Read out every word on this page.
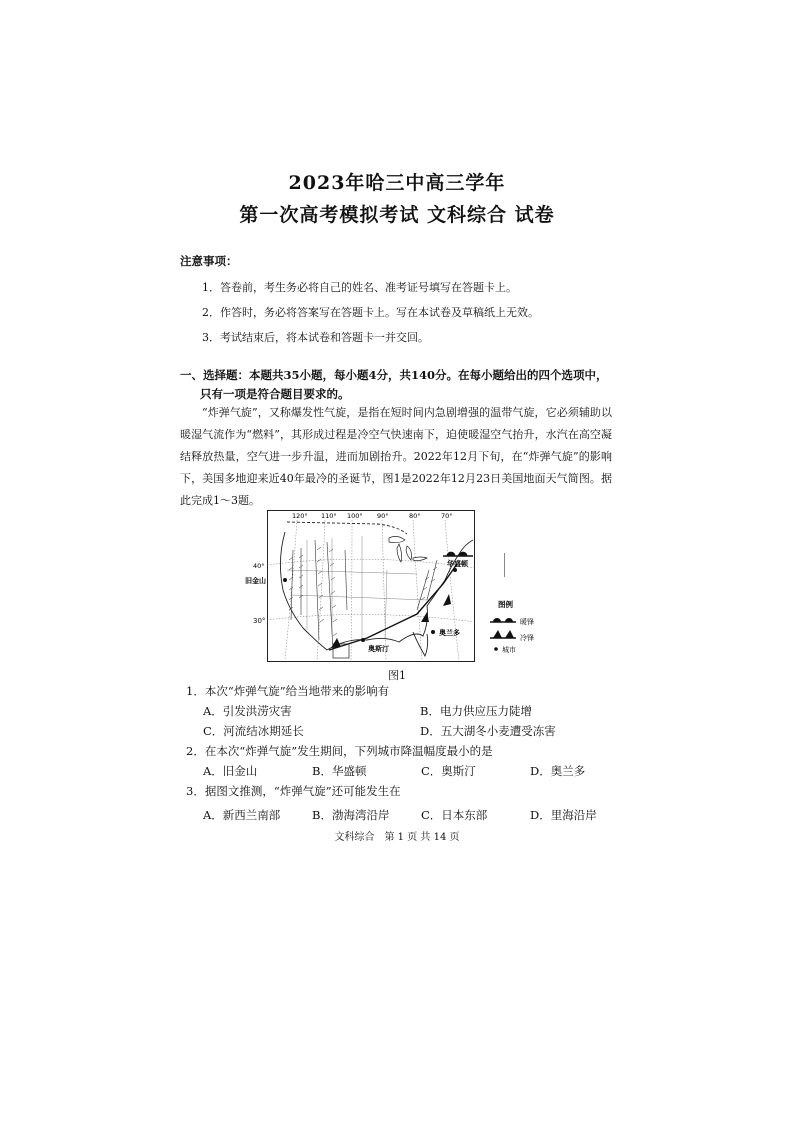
2023年哈三中高三学年
第一次高考模拟考试 文科综合 试卷
注意事项：
1．答卷前，考生务必将自己的姓名、准考证号填写在答题卡上。
2．作答时，务必将答案写在答题卡上。写在本试卷及草稿纸上无效。
3．考试结束后，将本试卷和答题卡一并交回。
一、选择题：本题共35小题，每小题4分，共140分。在每小题给出的四个选项中，
只有一项是符合题目要求的。
“炸弹气旋”，又称爆发性气旋，是指在短时间内急剧增强的温带气旋，它必须辅助以暖湿气流作为“燃料”，其形成过程是冷空气快速南下，迫使暖湿空气抬升，水汽在高空凝结释放热量，空气进一步升温，进而加剧抬升。2022年12月下旬，在“炸弹气旋”的影响下，美国多地迎来近40年最冷的圣诞节，图1是2022年12月23日美国地面天气简图。据此完成1～3题。
120° 110° 100° 90°	80°	70°
40°
旧金山
华盛顿
奥兰多
奥斯汀
30°
图例
暖锋
冷锋
城市
图1
1．本次“炸弹气旋”给当地带来的影响有
A．引发洪涝灾害	B．电力供应压力陡增
C．河流结冰期延长	D．五大湖冬小麦遭受冻害
2．在本次“炸弹气旋”发生期间，下列城市降温幅度最小的是
A．旧金山	B．华盛顿	C．奥斯汀	D．奥兰多
3．据图文推测，“炸弹气旋”还可能发生在
A．新西兰南部	B．渤海湾沿岸	C．日本东部	D．里海沿岸
文科综合　第 1 页 共 14 页
